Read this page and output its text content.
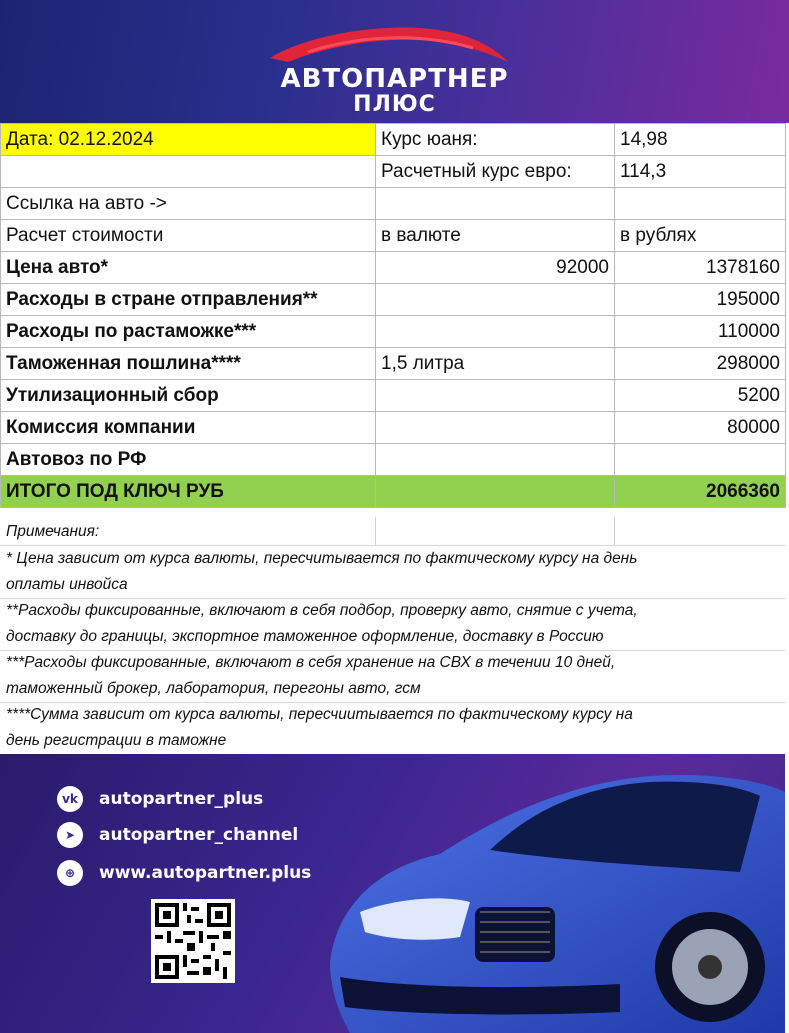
АВТОПАРТНЕР
ПЛЮС
Дата: 02.12.2024	Курс юаня:	14,98
	Расчетный курс евро:	114,3
Ссылка на авто ->		
Расчет стоимости	в валюте	в рублях
Цена авто*	92000	1378160
Расходы в стране отправления**		195000
Расходы по растаможке***		110000
Таможенная пошлина****	1,5 литра	298000
Утилизационный сбор		5200
Комиссия компании		80000
Автовоз по РФ		
ИТОГО ПОД КЛЮЧ РУБ		2066360
Примечания:
* Цена зависит от курса валюты, пересчитывается по фактическому курсу на день
оплаты инвойса
**Расходы фиксированные, включают в себя подбор, проверку авто, снятие с учета,
доставку до границы, экспортное таможенное оформление, доставку в Россию
***Расходы фиксированные, включают в себя хранение на СВХ в течении 10 дней,
таможенный брокер, лаборатория, перегоны авто, гсм
****Сумма зависит от курса валюты, пересчиитывается по фактическому курсу на
день регистрации в таможне
vk autopartner_plus
➤	autopartner_channel
⊕	www.autopartner.plus
